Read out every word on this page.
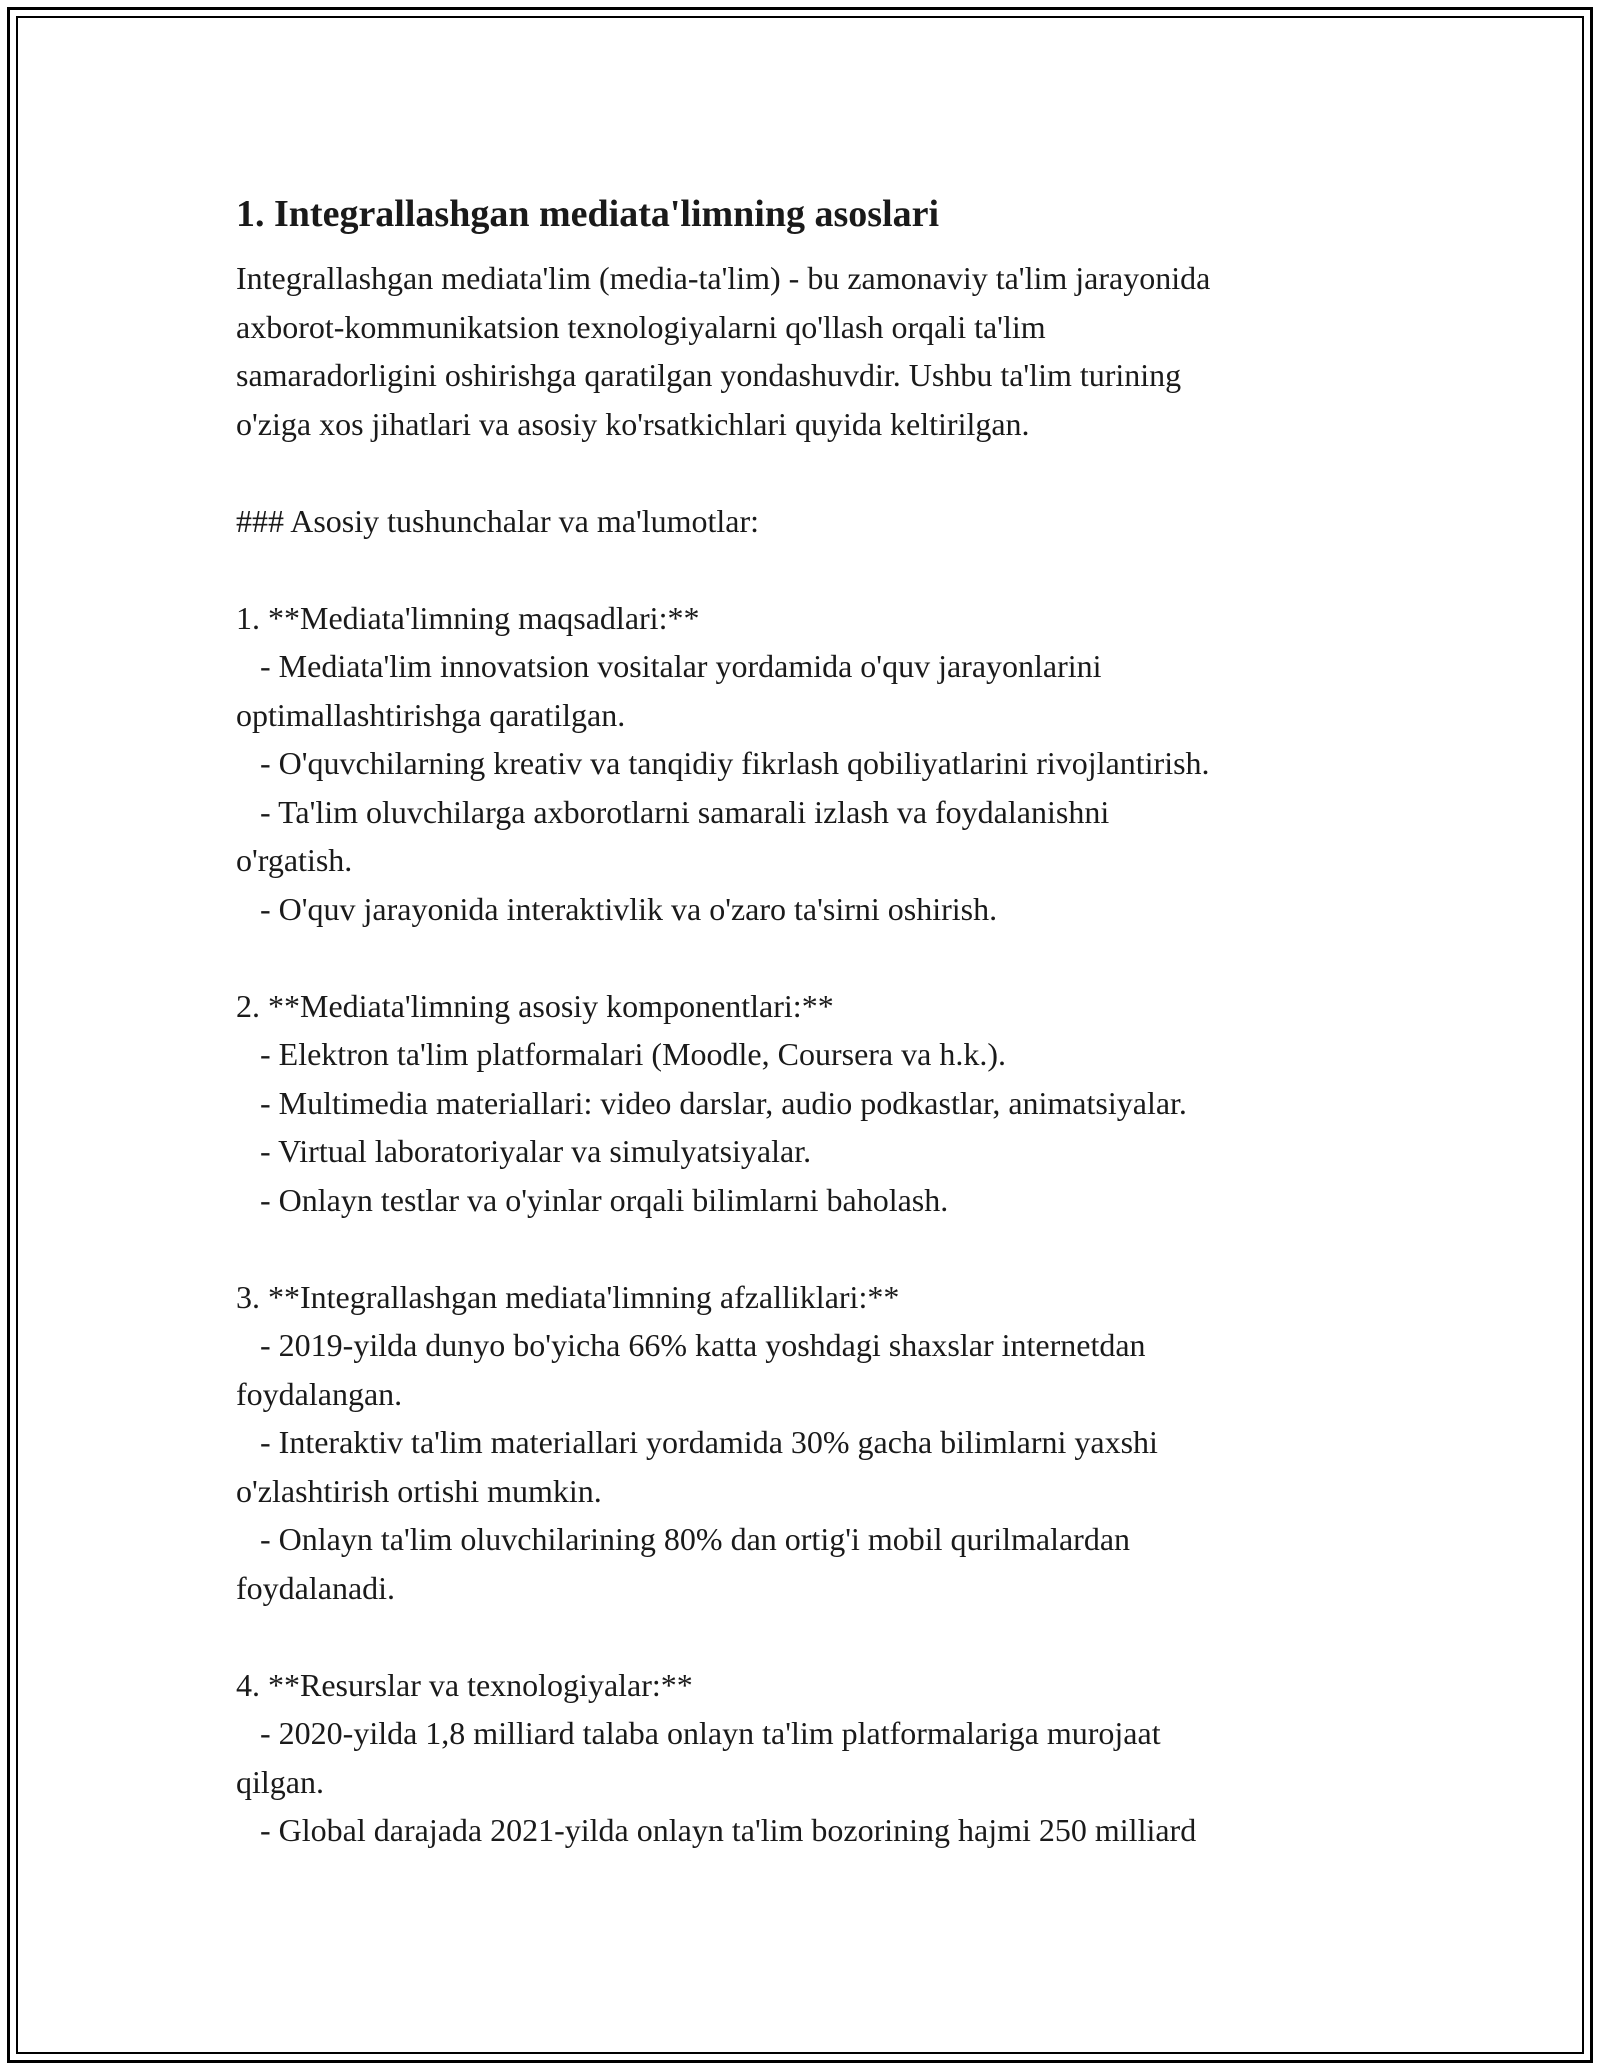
1. Integrallashgan mediata'limning asoslari
Integrallashgan mediata'lim (media-ta'lim) - bu zamonaviy ta'lim jarayonida
axborot-kommunikatsion texnologiyalarni qo'llash orqali ta'lim
samaradorligini oshirishga qaratilgan yondashuvdir. Ushbu ta'lim turining
o'ziga xos jihatlari va asosiy ko'rsatkichlari quyida keltirilgan.
### Asosiy tushunchalar va ma'lumotlar:
1. **Mediata'limning maqsadlari:**
- Mediata'lim innovatsion vositalar yordamida o'quv jarayonlarini
optimallashtirishga qaratilgan.
- O'quvchilarning kreativ va tanqidiy fikrlash qobiliyatlarini rivojlantirish.
- Ta'lim oluvchilarga axborotlarni samarali izlash va foydalanishni
o'rgatish.
- O'quv jarayonida interaktivlik va o'zaro ta'sirni oshirish.
2. **Mediata'limning asosiy komponentlari:**
- Elektron ta'lim platformalari (Moodle, Coursera va h.k.).
- Multimedia materiallari: video darslar, audio podkastlar, animatsiyalar.
- Virtual laboratoriyalar va simulyatsiyalar.
- Onlayn testlar va o'yinlar orqali bilimlarni baholash.
3. **Integrallashgan mediata'limning afzalliklari:**
- 2019-yilda dunyo bo'yicha 66% katta yoshdagi shaxslar internetdan
foydalangan.
- Interaktiv ta'lim materiallari yordamida 30% gacha bilimlarni yaxshi
o'zlashtirish ortishi mumkin.
- Onlayn ta'lim oluvchilarining 80% dan ortig'i mobil qurilmalardan
foydalanadi.
4. **Resurslar va texnologiyalar:**
- 2020-yilda 1,8 milliard talaba onlayn ta'lim platformalariga murojaat
qilgan.
- Global darajada 2021-yilda onlayn ta'lim bozorining hajmi 250 milliard
